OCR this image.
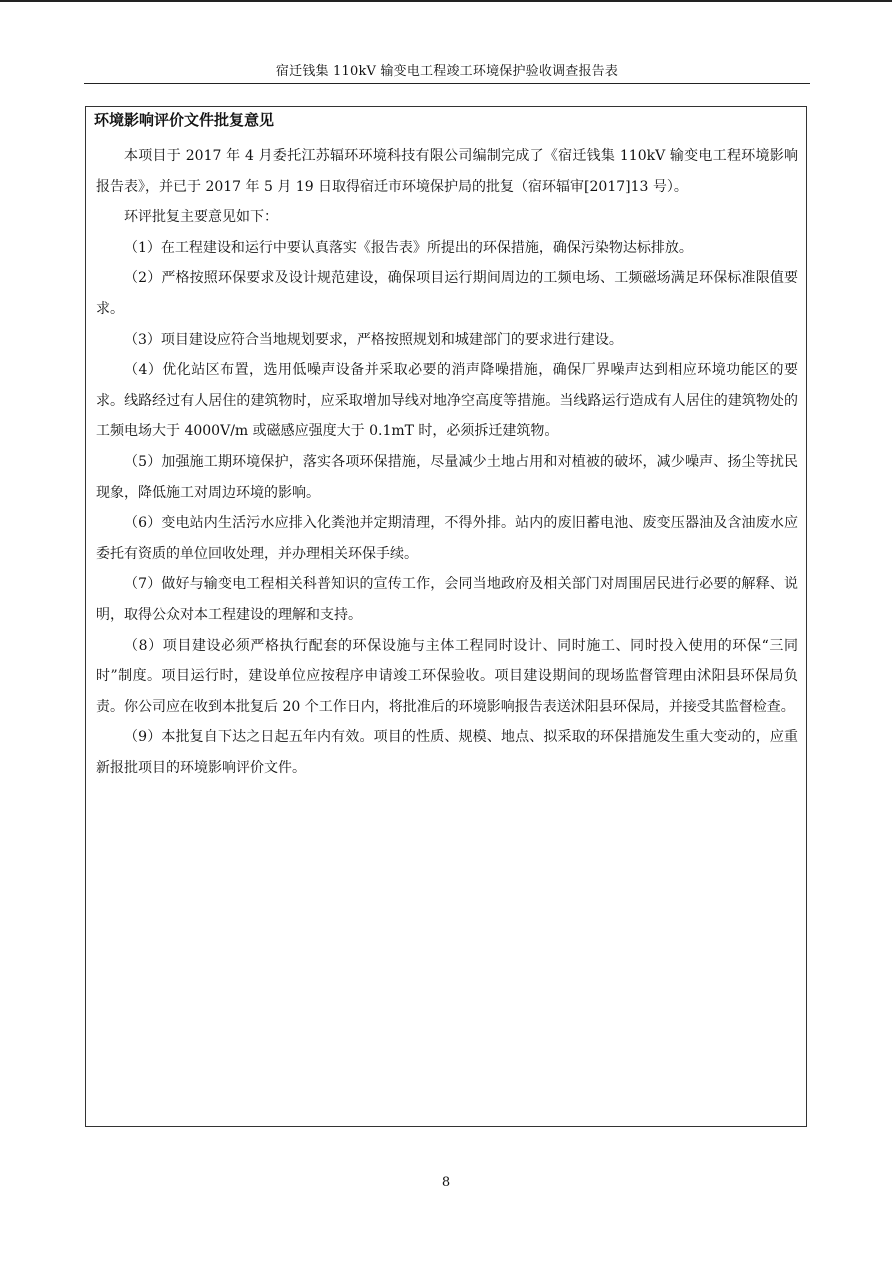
宿迁钱集 110kV 输变电工程竣工环境保护验收调查报告表
环境影响评价文件批复意见

本项目于 2017 年 4 月委托江苏辐环环境科技有限公司编制完成了《宿迁钱集 110kV 输变电工程环境影响报告表》，并已于 2017 年 5 月 19 日取得宿迁市环境保护局的批复（宿环辐审[2017]13 号）。

环评批复主要意见如下：

（1）在工程建设和运行中要认真落实《报告表》所提出的环保措施，确保污染物达标排放。

（2）严格按照环保要求及设计规范建设，确保项目运行期间周边的工频电场、工频磁场满足环保标准限值要求。

（3）项目建设应符合当地规划要求，严格按照规划和城建部门的要求进行建设。

（4）优化站区布置，选用低噪声设备并采取必要的消声降噪措施，确保厂界噪声达到相应环境功能区的要求。线路经过有人居住的建筑物时，应采取增加导线对地净空高度等措施。当线路运行造成有人居住的建筑物处的工频电场大于 4000V/m 或磁感应强度大于 0.1mT 时，必须拆迁建筑物。

（5）加强施工期环境保护，落实各项环保措施，尽量减少土地占用和对植被的破坏，减少噪声、扬尘等扰民现象，降低施工对周边环境的影响。

（6）变电站内生活污水应排入化粪池并定期清理，不得外排。站内的废旧蓄电池、废变压器油及含油废水应委托有资质的单位回收处理，并办理相关环保手续。

（7）做好与输变电工程相关科普知识的宣传工作，会同当地政府及相关部门对周围居民进行必要的解释、说明，取得公众对本工程建设的理解和支持。

（8）项目建设必须严格执行配套的环保设施与主体工程同时设计、同时施工、同时投入使用的环保“三同时”制度。项目运行时，建设单位应按程序申请竣工环保验收。项目建设期间的现场监督管理由沭阳县环保局负责。你公司应在收到本批复后 20 个工作日内，将批准后的环境影响报告表送沭阳县环保局，并接受其监督检查。

（9）本批复自下达之日起五年内有效。项目的性质、规模、地点、拟采取的环保措施发生重大变动的，应重新报批项目的环境影响评价文件。

8
